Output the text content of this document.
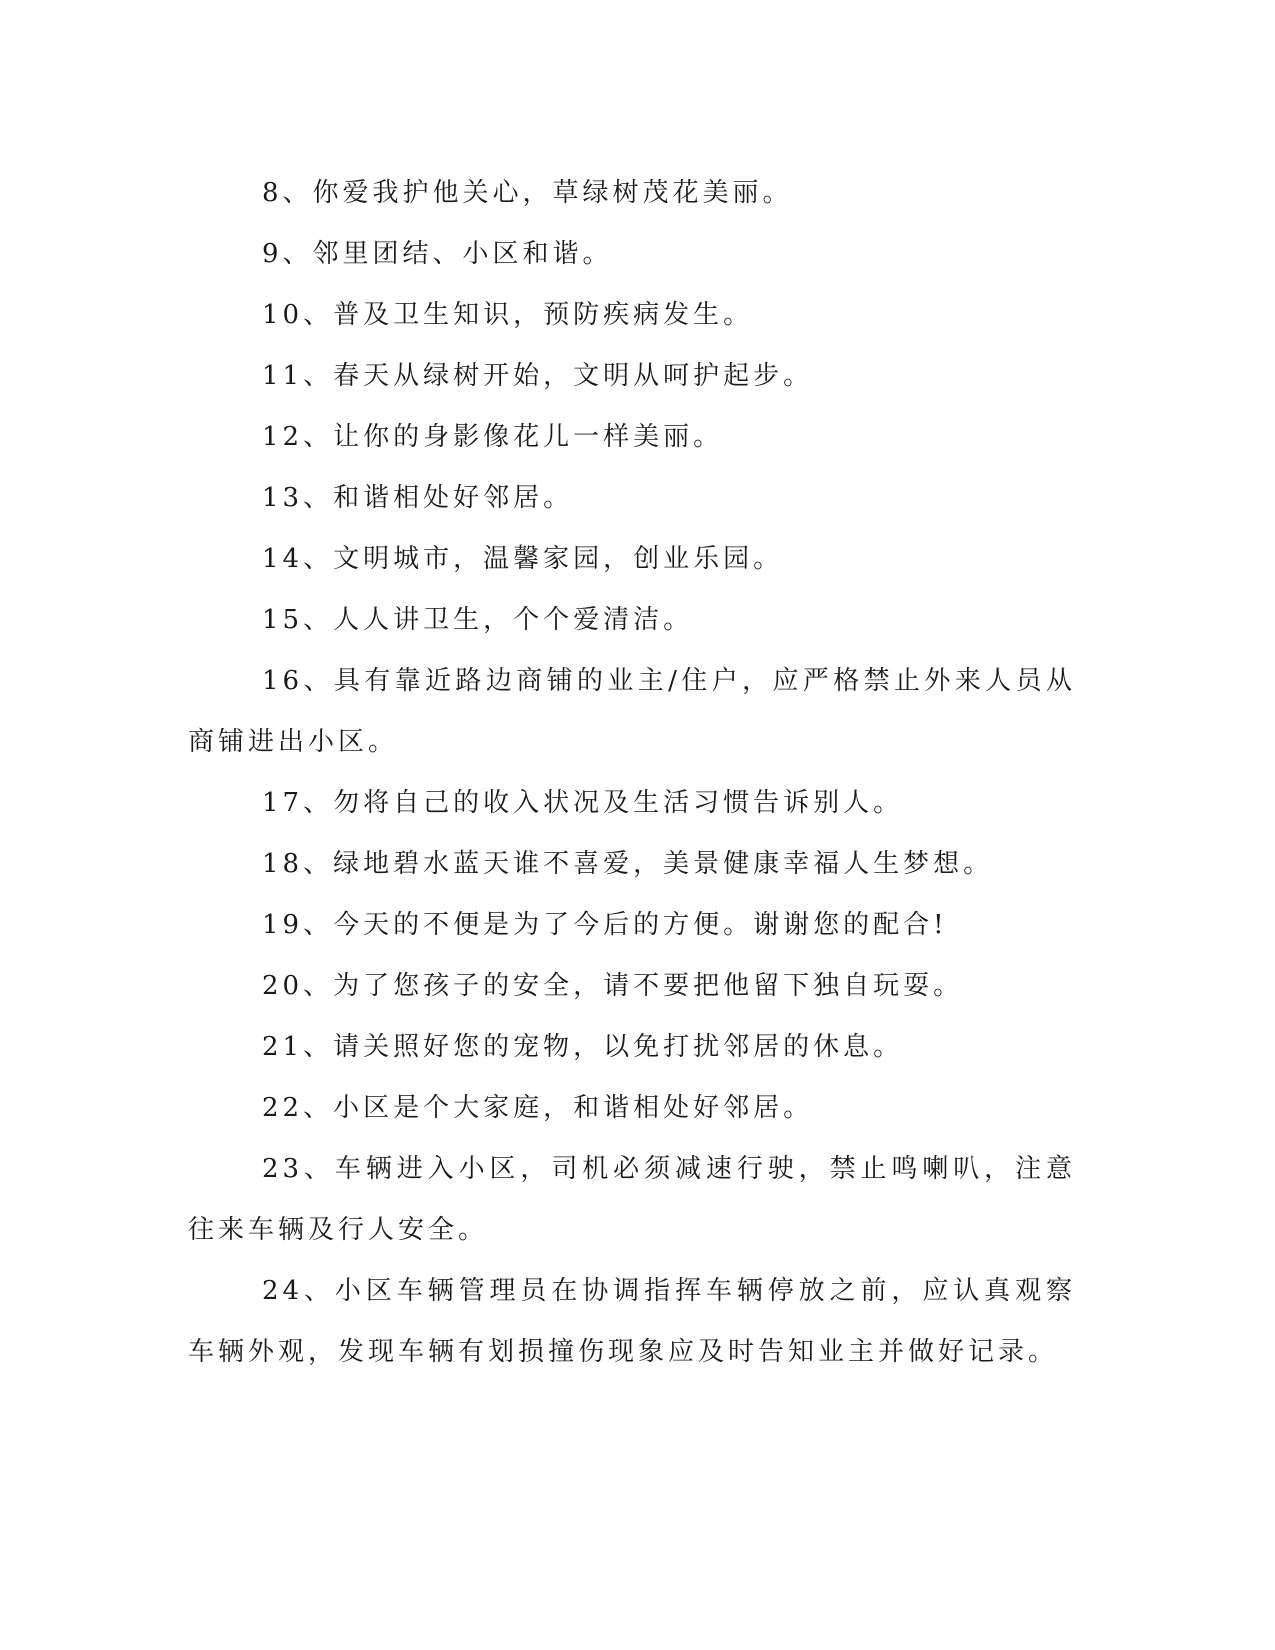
8、你爱我护他关心，草绿树茂花美丽。

9、邻里团结、小区和谐。

10、普及卫生知识，预防疾病发生。

11、春天从绿树开始，文明从呵护起步。

12、让你的身影像花儿一样美丽。

13、和谐相处好邻居。

14、文明城市，温馨家园，创业乐园。

15、人人讲卫生，个个爱清洁。

16、具有靠近路边商铺的业主/住户，应严格禁止外来人员从商铺进出小区。

17、勿将自己的收入状况及生活习惯告诉别人。

18、绿地碧水蓝天谁不喜爱，美景健康幸福人生梦想。

19、今天的不便是为了今后的方便。谢谢您的配合!

20、为了您孩子的安全，请不要把他留下独自玩耍。

21、请关照好您的宠物，以免打扰邻居的休息。

22、小区是个大家庭，和谐相处好邻居。

23、车辆进入小区，司机必须减速行驶，禁止鸣喇叭，注意往来车辆及行人安全。

24、小区车辆管理员在协调指挥车辆停放之前，应认真观察车辆外观，发现车辆有划损撞伤现象应及时告知业主并做好记录。
